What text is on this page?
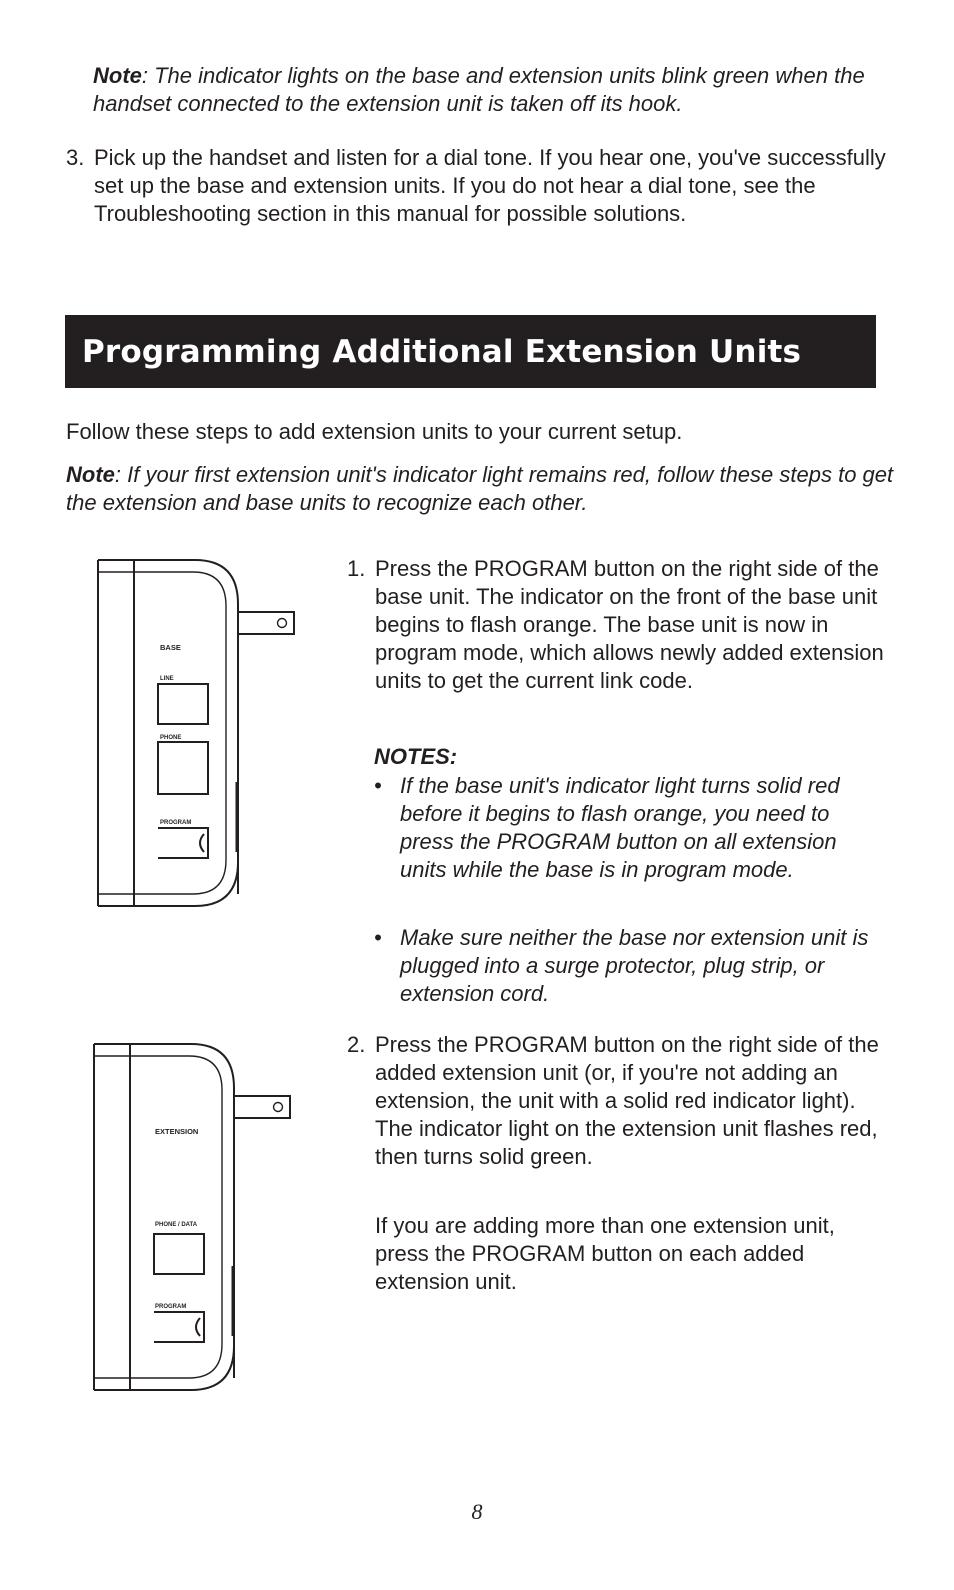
Note: The indicator lights on the base and extension units blink green when the handset connected to the extension unit is taken off its hook.
3. Pick up the handset and listen for a dial tone. If you hear one, you've successfully set up the base and extension units. If you do not hear a dial tone, see the Troubleshooting section in this manual for possible solutions.
Programming Additional Extension Units
Follow these steps to add extension units to your current setup.
Note: If your first extension unit's indicator light remains red, follow these steps to get the extension and base units to recognize each other.
BASE
LINE
PHONE
PROGRAM
1. Press the PROGRAM button on the right side of the base unit. The indicator on the front of the base unit begins to flash orange. The base unit is now in program mode, which allows newly added extension units to get the current link code.
NOTES:
• If the base unit's indicator light turns solid red before it begins to flash orange, you need to press the PROGRAM button on all extension units while the base is in program mode.
• Make sure neither the base nor extension unit is plugged into a surge protector, plug strip, or extension cord.
EXTENSION
PHONE / DATA
PROGRAM
2. Press the PROGRAM button on the right side of the added extension unit (or, if you're not adding an extension, the unit with a solid red indicator light). The indicator light on the extension unit flashes red, then turns solid green.
If you are adding more than one extension unit, press the PROGRAM button on each added extension unit.
8
